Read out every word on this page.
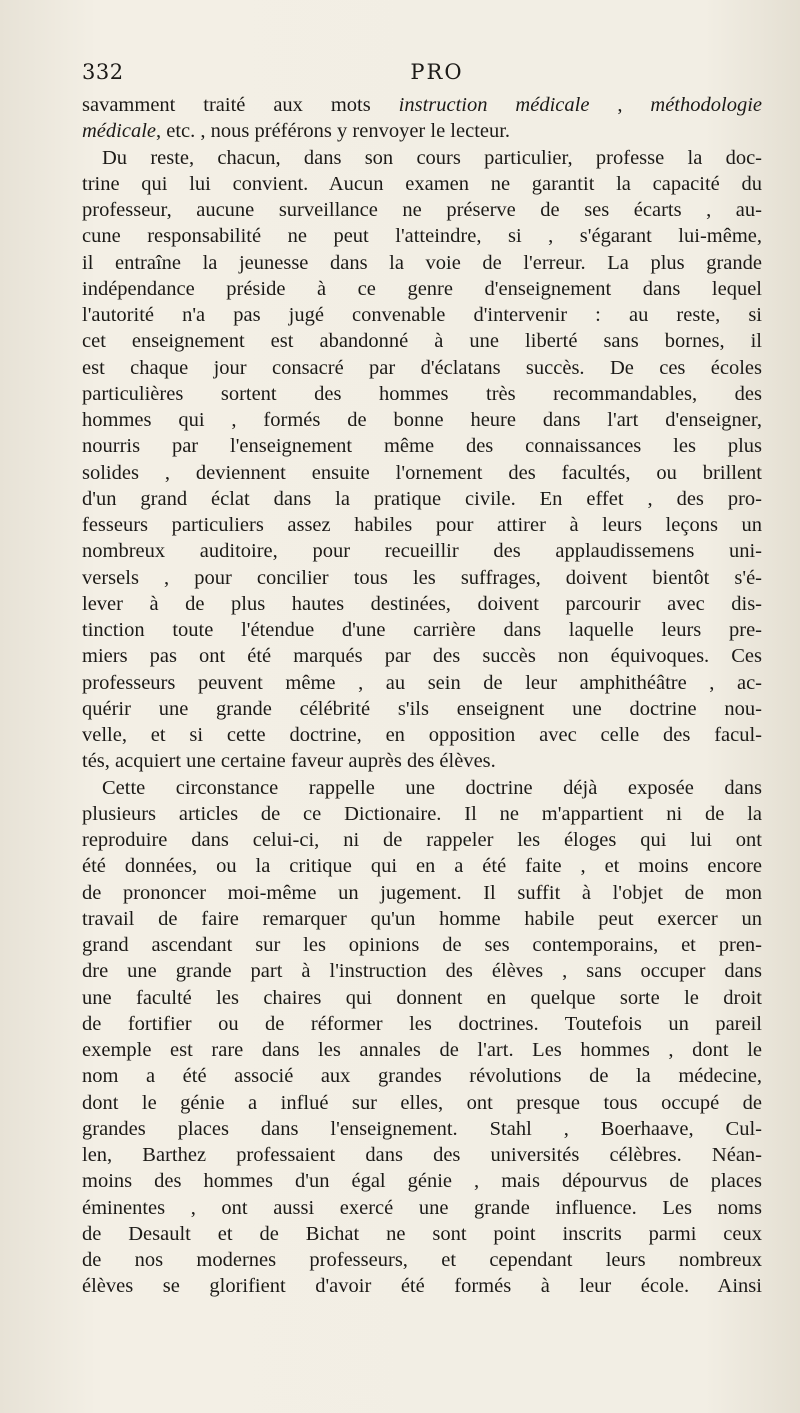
332	PRO
savamment traité aux mots instruction médicale , méthodologie
médicale, etc. , nous préférons y renvoyer le lecteur.
Du reste, chacun, dans son cours particulier, professe la doc-
trine qui lui convient. Aucun examen ne garantit la capacité du
professeur, aucune surveillance ne préserve de ses écarts , au-
cune responsabilité ne peut l'atteindre, si , s'égarant lui-même,
il entraîne la jeunesse dans la voie de l'erreur. La plus grande
indépendance préside à ce genre d'enseignement dans lequel
l'autorité n'a pas jugé convenable d'intervenir : au reste, si
cet enseignement est abandonné à une liberté sans bornes, il
est chaque jour consacré par d'éclatans succès. De ces écoles
particulières sortent des hommes très recommandables, des
hommes qui , formés de bonne heure dans l'art d'enseigner,
nourris par l'enseignement même des connaissances les plus
solides , deviennent ensuite l'ornement des facultés, ou brillent
d'un grand éclat dans la pratique civile. En effet , des pro-
fesseurs particuliers assez habiles pour attirer à leurs leçons un
nombreux auditoire, pour recueillir des applaudissemens uni-
versels , pour concilier tous les suffrages, doivent bientôt s'é-
lever à de plus hautes destinées, doivent parcourir avec dis-
tinction toute l'étendue d'une carrière dans laquelle leurs pre-
miers pas ont été marqués par des succès non équivoques. Ces
professeurs peuvent même , au sein de leur amphithéâtre , ac-
quérir une grande célébrité s'ils enseignent une doctrine nou-
velle, et si cette doctrine, en opposition avec celle des facul-
tés, acquiert une certaine faveur auprès des élèves.
Cette circonstance rappelle une doctrine déjà exposée dans
plusieurs articles de ce Dictionaire. Il ne m'appartient ni de la
reproduire dans celui-ci, ni de rappeler les éloges qui lui ont
été données, ou la critique qui en a été faite , et moins encore
de prononcer moi-même un jugement. Il suffit à l'objet de mon
travail de faire remarquer qu'un homme habile peut exercer un
grand ascendant sur les opinions de ses contemporains, et pren-
dre une grande part à l'instruction des élèves , sans occuper dans
une faculté les chaires qui donnent en quelque sorte le droit
de fortifier ou de réformer les doctrines. Toutefois un pareil
exemple est rare dans les annales de l'art. Les hommes , dont le
nom a été associé aux grandes révolutions de la médecine,
dont le génie a influé sur elles, ont presque tous occupé de
grandes places dans l'enseignement. Stahl , Boerhaave, Cul-
len, Barthez professaient dans des universités célèbres. Néan-
moins des hommes d'un égal génie , mais dépourvus de places
éminentes , ont aussi exercé une grande influence. Les noms
de Desault et de Bichat ne sont point inscrits parmi ceux
de nos modernes professeurs, et cependant leurs nombreux
élèves se glorifient d'avoir été formés à leur école. Ainsi
